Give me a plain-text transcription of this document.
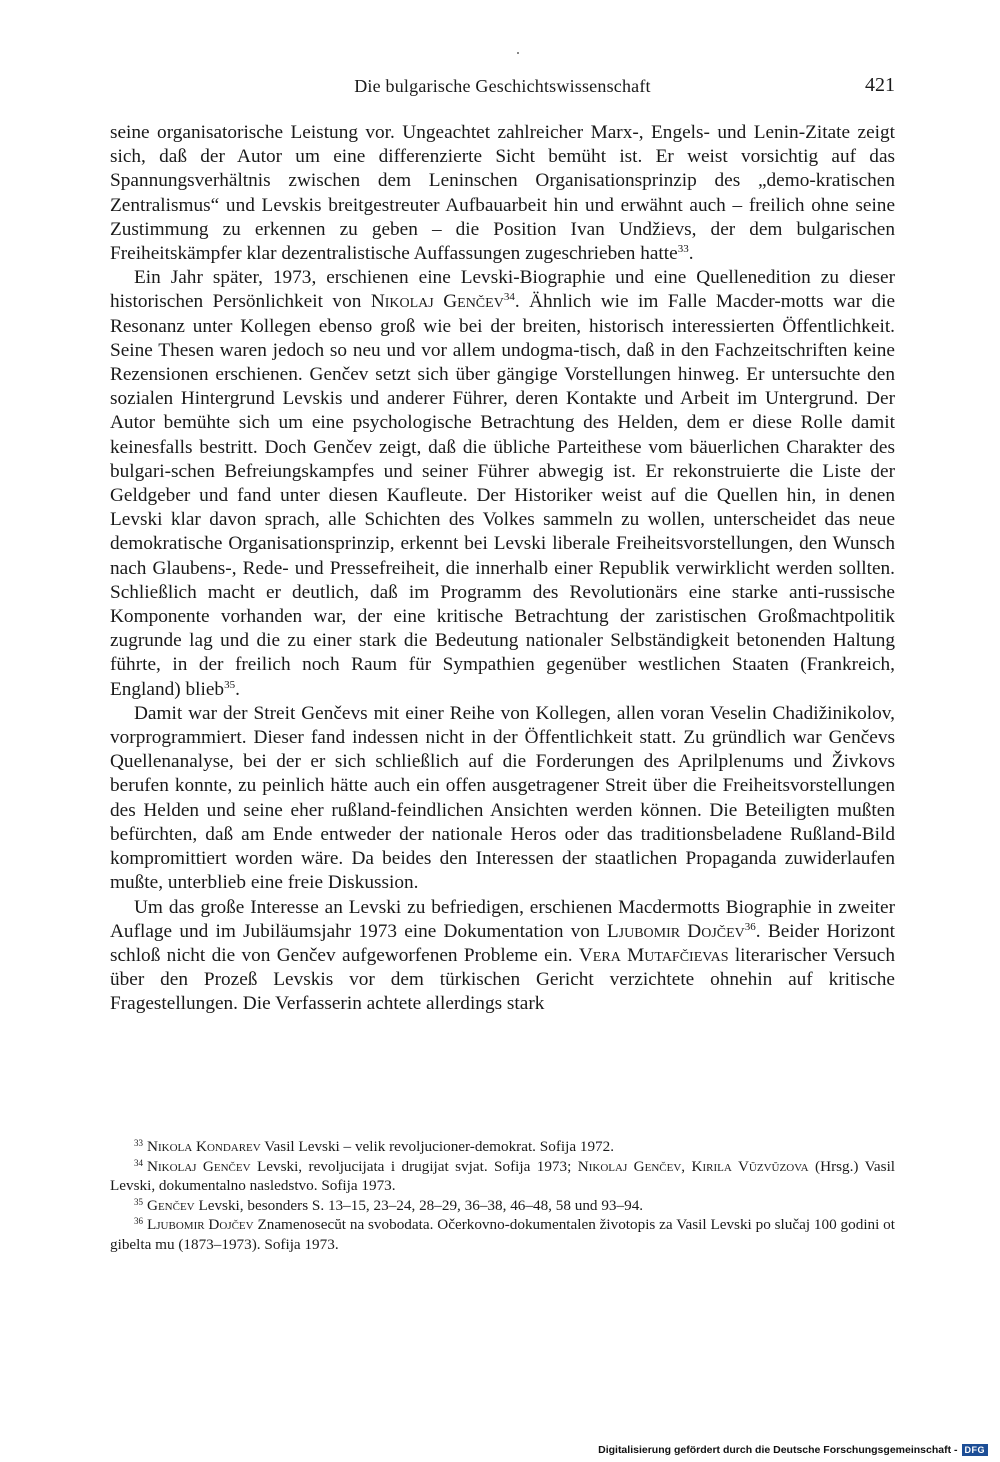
Die bulgarische Geschichtswissenschaft	421

seine organisatorische Leistung vor. Ungeachtet zahlreicher Marx-, Engels- und Lenin-Zitate zeigt sich, daß der Autor um eine differenzierte Sicht bemüht ist. Er weist vorsichtig auf das Spannungsverhältnis zwischen dem Leninschen Organisationsprinzip des „demo-kratischen Zentralismus“ und Levskis breitgestreuter Aufbauarbeit hin und erwähnt auch – freilich ohne seine Zustimmung zu erkennen zu geben – die Position Ivan Undžievs, der dem bulgarischen Freiheitskämpfer klar dezentralistische Auffassungen zugeschrieben hatte$^{33}$.

Ein Jahr später, 1973, erschienen eine Levski-Biographie und eine Quellenedition zu dieser historischen Persönlichkeit von Nikolaj Genčev$^{34}$. Ähnlich wie im Falle Macder-motts war die Resonanz unter Kollegen ebenso groß wie bei der breiten, historisch interessierten Öffentlichkeit. Seine Thesen waren jedoch so neu und vor allem undogma-tisch, daß in den Fachzeitschriften keine Rezensionen erschienen. Genčev setzt sich über gängige Vorstellungen hinweg. Er untersuchte den sozialen Hintergrund Levskis und anderer Führer, deren Kontakte und Arbeit im Untergrund. Der Autor bemühte sich um eine psychologische Betrachtung des Helden, dem er diese Rolle damit keinesfalls bestritt. Doch Genčev zeigt, daß die übliche Parteithese vom bäuerlichen Charakter des bulgari-schen Befreiungskampfes und seiner Führer abwegig ist. Er rekonstruierte die Liste der Geldgeber und fand unter diesen Kaufleute. Der Historiker weist auf die Quellen hin, in denen Levski klar davon sprach, alle Schichten des Volkes sammeln zu wollen, unterscheidet das neue demokratische Organisationsprinzip, erkennt bei Levski liberale Freiheitsvorstellungen, den Wunsch nach Glaubens-, Rede- und Pressefreiheit, die innerhalb einer Republik verwirklicht werden sollten. Schließlich macht er deutlich, daß im Programm des Revolutionärs eine starke anti-russische Komponente vorhanden war, der eine kritische Betrachtung der zaristischen Großmachtpolitik zugrunde lag und die zu einer stark die Bedeutung nationaler Selbständigkeit betonenden Haltung führte, in der freilich noch Raum für Sympathien gegenüber westlichen Staaten (Frankreich, England) blieb$^{35}$.

Damit war der Streit Genčevs mit einer Reihe von Kollegen, allen voran Veselin Chadižinikolov, vorprogrammiert. Dieser fand indessen nicht in der Öffentlichkeit statt. Zu gründlich war Genčevs Quellenanalyse, bei der er sich schließlich auf die Forderungen des Aprilplenums und Živkovs berufen konnte, zu peinlich hätte auch ein offen ausgetragener Streit über die Freiheitsvorstellungen des Helden und seine eher rußland-feindlichen Ansichten werden können. Die Beteiligten mußten befürchten, daß am Ende entweder der nationale Heros oder das traditionsbeladene Rußland-Bild kompromittiert worden wäre. Da beides den Interessen der staatlichen Propaganda zuwiderlaufen mußte, unterblieb eine freie Diskussion.

Um das große Interesse an Levski zu befriedigen, erschienen Macdermotts Biographie in zweiter Auflage und im Jubiläumsjahr 1973 eine Dokumentation von Ljubomir Dojčev$^{36}$. Beider Horizont schloß nicht die von Genčev aufgeworfenen Probleme ein. Vera Mutafčievas literarischer Versuch über den Prozeß Levskis vor dem türkischen Gericht verzichtete ohnehin auf kritische Fragestellungen. Die Verfasserin achtete allerdings stark

$^{33}$ Nikola Kondarev Vasil Levski – velik revoljucioner-demokrat. Sofija 1972.

$^{34}$ Nikolaj Genčev Levski, revoljucijata i drugijat svjat. Sofija 1973; Nikolaj Genčev, Kirila Vŭzvŭzova (Hrsg.) Vasil Levski, dokumentalno nasledstvo. Sofija 1973.

$^{35}$ Genčev Levski, besonders S. 13–15, 23–24, 28–29, 36–38, 46–48, 58 und 93–94.

$^{36}$ Ljubomir Dojčev Znamenosecŭt na svobodata. Očerkovno-dokumentalen životopis za Vasil Levski po slučaj 100 godini ot gibelta mu (1873–1973). Sofija 1973.

Digitalisierung gefördert durch die Deutsche Forschungsgemeinschaft - DFG
